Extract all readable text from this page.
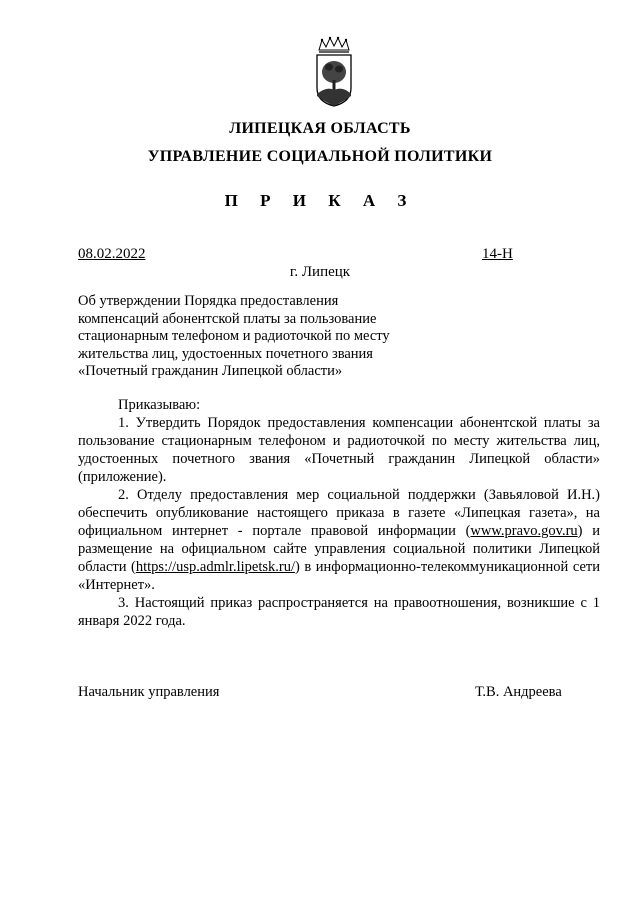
ЛИПЕЦКАЯ ОБЛАСТЬ
УПРАВЛЕНИЕ СОЦИАЛЬНОЙ ПОЛИТИКИ
П Р И К А З
08.02.2022	14-Н
г. Липецк
Об утверждении Порядка предоставления компенсаций абонентской платы за пользование стационарным телефоном и радиоточкой по месту жительства лиц, удостоенных почетного звания «Почетный гражданин Липецкой области»

Приказываю:

1. Утвердить Порядок предоставления компенсации абонентской платы за пользование стационарным телефоном и радиоточкой по месту жительства лиц, удостоенных почетного звания «Почетный гражданин Липецкой области» (приложение).

2. Отделу предоставления мер социальной поддержки (Завьяловой И.Н.) обеспечить опубликование настоящего приказа в газете «Липецкая газета», на официальном интернет - портале правовой информации (www.pravo.gov.ru) и размещение на официальном сайте управления социальной политики Липецкой области (https://usp.admlr.lipetsk.ru/) в информационно-телекоммуникационной сети «Интернет».

3. Настоящий приказ распространяется на правоотношения, возникшие с 1 января 2022 года.

Начальник управления	Т.В. Андреева
